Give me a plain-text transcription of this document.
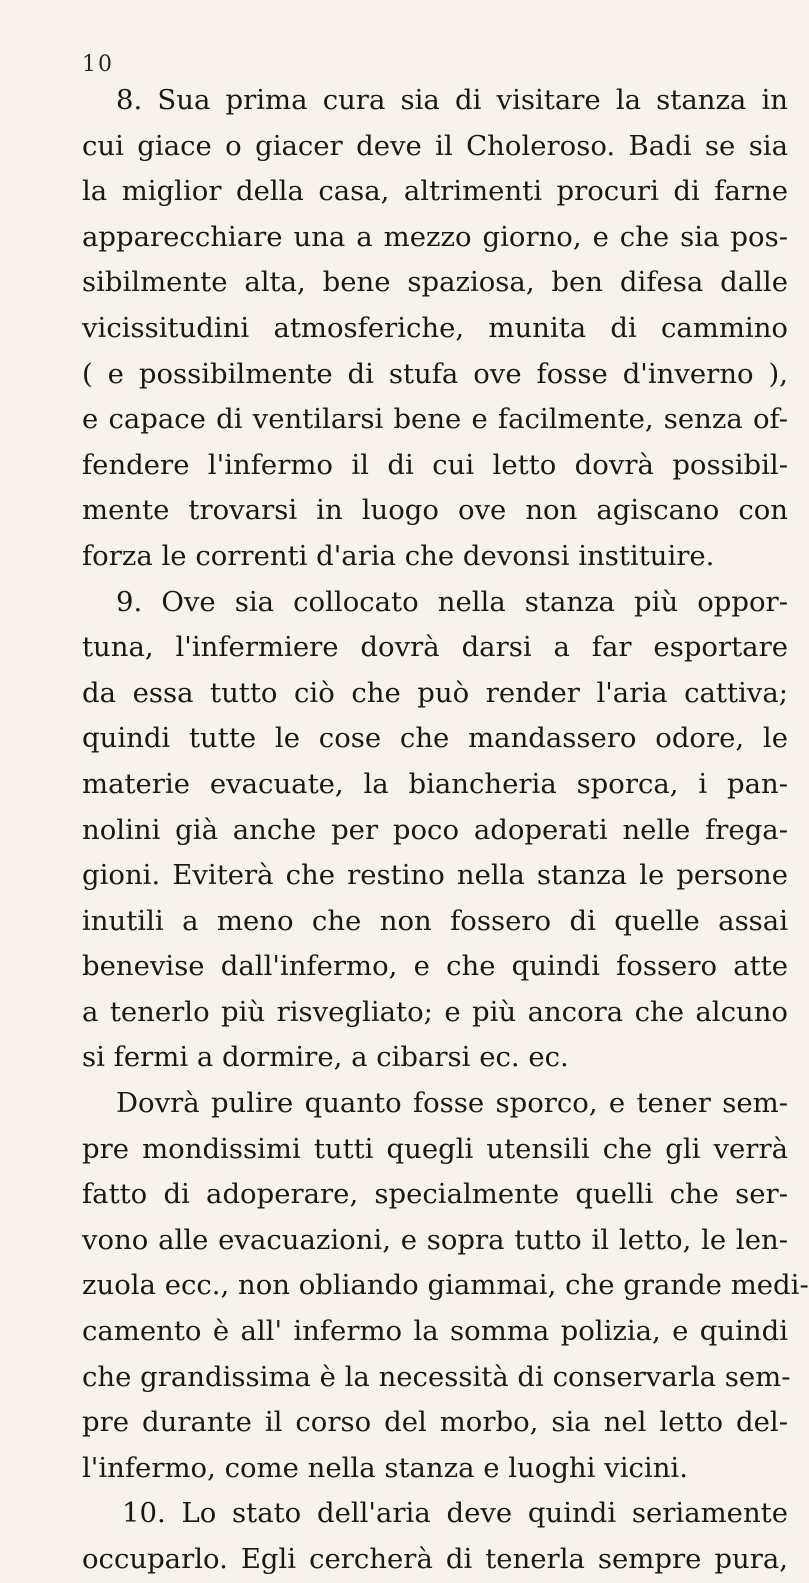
10
8. Sua prima cura sia di visitare la stanza in
cui giace o giacer deve il Choleroso. Badi se sia
la miglior della casa, altrimenti procuri di farne
apparecchiare una a mezzo giorno, e che sia pos-
sibilmente alta, bene spaziosa, ben difesa dalle
vicissitudini atmosferiche, munita di cammino
( e possibilmente di stufa ove fosse d'inverno ),
e capace di ventilarsi bene e facilmente, senza of-
fendere l'infermo il di cui letto dovrà possibil-
mente trovarsi in luogo ove non agiscano con
forza le correnti d'aria che devonsi instituire.
9. Ove sia collocato nella stanza più oppor-
tuna, l'infermiere dovrà darsi a far esportare
da essa tutto ciò che può render l'aria cattiva;
quindi tutte le cose che mandassero odore, le
materie evacuate, la biancheria sporca, i pan-
nolini già anche per poco adoperati nelle frega-
gioni. Eviterà che restino nella stanza le persone
inutili a meno che non fossero di quelle assai
benevise dall'infermo, e che quindi fossero atte
a tenerlo più risvegliato; e più ancora che alcuno
si fermi a dormire, a cibarsi ec. ec.
Dovrà pulire quanto fosse sporco, e tener sem-
pre mondissimi tutti quegli utensili che gli verrà
fatto di adoperare, specialmente quelli che ser-
vono alle evacuazioni, e sopra tutto il letto, le len-
zuola ecc., non obliando giammai, che grande medi-
camento è all' infermo la somma polizia, e quindi
che grandissima è la necessità di conservarla sem-
pre durante il corso del morbo, sia nel letto del-
l'infermo, come nella stanza e luoghi vicini.
10. Lo stato dell'aria deve quindi seriamente
occuparlo. Egli cercherà di tenerla sempre pura,
